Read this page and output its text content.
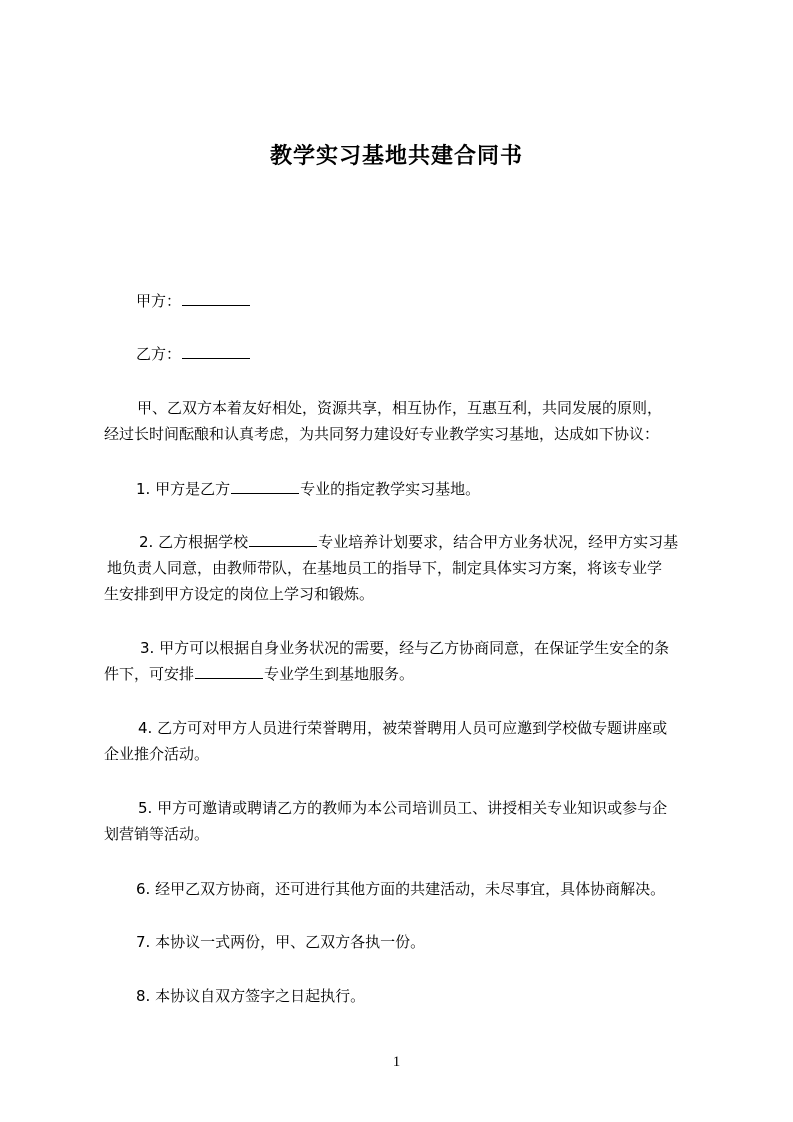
教学实习基地共建合同书
甲方：
乙方：
甲、乙双方本着友好相处，资源共享，相互协作，互惠互利，共同发展的原则，
经过长时间酝酿和认真考虑，为共同努力建设好专业教学实习基地，达成如下协议：
1. 甲方是乙方	专业的指定教学实习基地。
2. 乙方根据学校	专业培养计划要求，结合甲方业务状况，经甲方实习基
地负责人同意，由教师带队，在基地员工的指导下，制定具体实习方案，将该专业学
生安排到甲方设定的岗位上学习和锻炼。
3. 甲方可以根据自身业务状况的需要，经与乙方协商同意，在保证学生安全的条
件下，可安排	专业学生到基地服务。
4. 乙方可对甲方人员进行荣誉聘用，被荣誉聘用人员可应邀到学校做专题讲座或
企业推介活动。
5. 甲方可邀请或聘请乙方的教师为本公司培训员工、讲授相关专业知识或参与企
划营销等活动。
6. 经甲乙双方协商，还可进行其他方面的共建活动，未尽事宜，具体协商解决。
7. 本协议一式两份，甲、乙双方各执一份。
8. 本协议自双方签字之日起执行。
1
